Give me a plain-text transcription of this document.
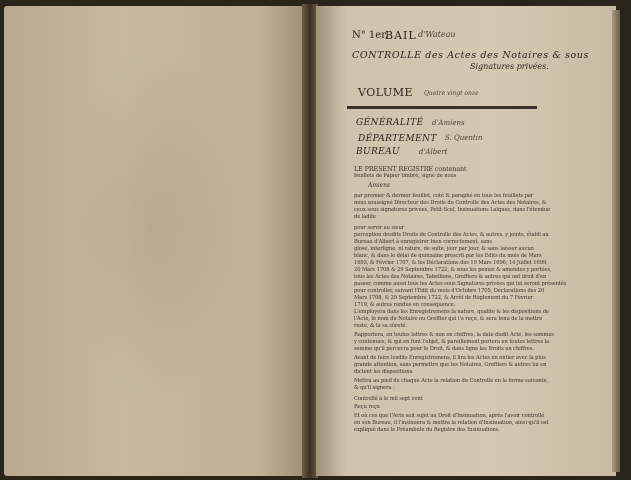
N° 1er.
BAIL d'Wateau
CONTROLLE des Actes des Notaires & sous
Signatures privées.
VOLUME Quatre vingt onze
GÉNÉRALITÉ d'Amiens
DÉPARTEMENT S. Quentin
BUREAU	d'Albert
LE PRESENT REGISTRE contenant
feuillets de Papier timbré, signé de nous
Amiens
par premier & dernier feuillet, coté & paraphé en tous les feuillets par
nous soussigné Directeur des Droits du Controlle des Actes des Notaires, &
ceux sous signatures privées, Petit-Scel, Insinuations Laïques, dans l'étendue
de ladite
pour servir au sieur
perception desdits Droits de Controlle des Actes, & autres, y joints, établi au
Bureau d'Albert à enregistrer bien correctement, sans
glose, interligne, ni rature, de suite, jour par jour, & sans laisser aucun
blanc, & dans le délai de quinzaine prescrit par les Edits du mois de Mars
1693, & Février 1707, & les Déclarations des 19 Mars 1696, 14 Juillet 1699,
20 Mars 1708 & 29 Septembre 1722, & sous les peines & amendes y portées,
tous les Actes des Notaires, Tabellions, Greffiers & autres qui ont droit d'en
passer, comme aussi tous les Actes sous Signatures privées qui lui seront présentés
pour controller, suivant l'Edit du mois d'Octobre 1705, Déclarations des 20
Mars 1708, & 29 Septembre 1722, & Arrêt de Règlement du 7 Février
1719, & autres rendus en conséquence.
L'employera dans les Enregistremens la nature, qualité & les dispositions de
l'Acte, le nom du Notaire ou Greffier qui l'a reçu, & sera tenu de la mettre
reste, & la sa sûreté.
Rapportera, en toutes lettres & non en chiffres, la date dudit Acte, les sommes
y contenues, & qui en font l'objet, & pareillement portera en toutes lettres la
somme qu'il percevra pour le Droit, & dans ligne les Droits en chiffres.
Avant de faire lesdits Enregistremens, il lira les Actes en entier avec la plus
grande attention, sans permettre que les Notaires, Greffiers & autres lui en
dictent les dispositions.
Mettra au pied de chaque Acte la relation du Controlle en la forme suivante,
& qu'il signera :
Controllé à le mil sept cent
Reçu reçu
Et où ces que l'Acte soit sujet au Droit d'Insinuation, après l'avoir controllé
en son Bureau, il l'insinuera & mettra la relation d'Insinuation, ainsi qu'il est
expliqué dans le Préambule du Registre des Insinuations.
